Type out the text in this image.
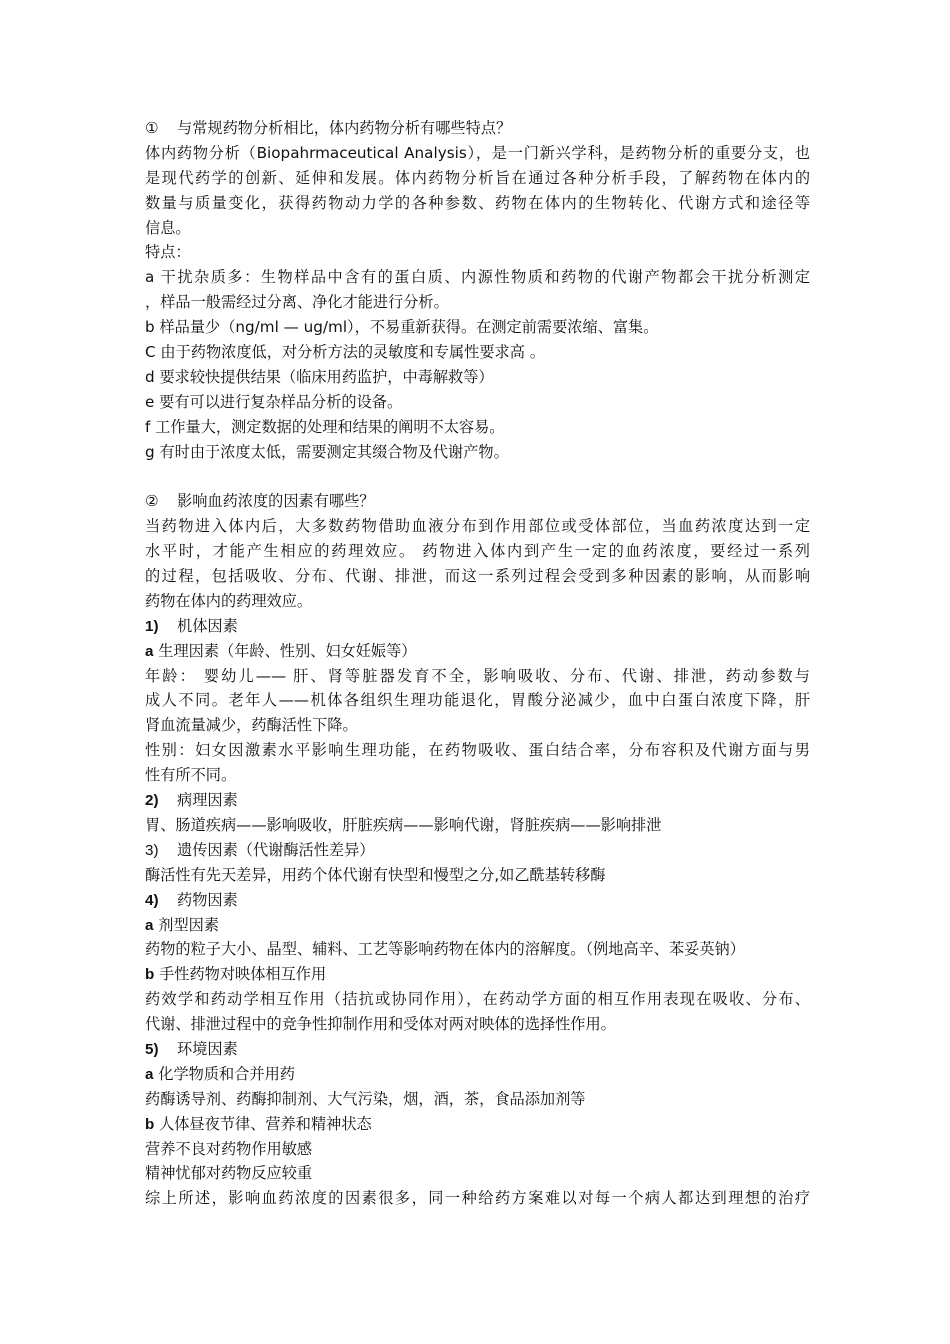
① 与常规药物分析相比，体内药物分析有哪些特点？
体内药物分析（Biopahrmaceutical Analysis），是一门新兴学科，是药物分析的重要分支，也
是现代药学的创新、延伸和发展。体内药物分析旨在通过各种分析手段，了解药物在体内的
数量与质量变化，获得药物动力学的各种参数、药物在体内的生物转化、代谢方式和途径等
信息。
特点：
a 干扰杂质多：生物样品中含有的蛋白质、内源性物质和药物的代谢产物都会干扰分析测定
，样品一般需经过分离、净化才能进行分析。
b 样品量少（ng/ml — ug/ml），不易重新获得。在测定前需要浓缩、富集。
C 由于药物浓度低，对分析方法的灵敏度和专属性要求高 。
d 要求较快提供结果（临床用药监护，中毒解救等）
e 要有可以进行复杂样品分析的设备。
f 工作量大，测定数据的处理和结果的阐明不太容易。
g 有时由于浓度太低，需要测定其缀合物及代谢产物。
② 影响血药浓度的因素有哪些？
当药物进入体内后，大多数药物借助血液分布到作用部位或受体部位，当血药浓度达到一定
水平时，才能产生相应的药理效应。 药物进入体内到产生一定的血药浓度，要经过一系列
的过程，包括吸收、分布、代谢、排泄，而这一系列过程会受到多种因素的影响，从而影响
药物在体内的药理效应。
1) 机体因素
a 生理因素（年龄、性别、妇女妊娠等）
年龄： 婴幼儿—— 肝、肾等脏器发育不全，影响吸收、分布、代谢、排泄，药动参数与
成人不同。老年人——机体各组织生理功能退化，胃酸分泌减少，血中白蛋白浓度下降，肝
肾血流量减少，药酶活性下降。
性别：妇女因激素水平影响生理功能，在药物吸收、蛋白结合率，分布容积及代谢方面与男
性有所不同。
2) 病理因素
胃、肠道疾病——影响吸收，肝脏疾病——影响代谢，肾脏疾病——影响排泄
3) 遗传因素（代谢酶活性差异）
酶活性有先天差异，用药个体代谢有快型和慢型之分,如乙酰基转移酶
4) 药物因素
a 剂型因素
药物的粒子大小、晶型、辅料、工艺等影响药物在体内的溶解度。（例地高辛、苯妥英钠）
b 手性药物对映体相互作用
药效学和药动学相互作用（拮抗或协同作用），在药动学方面的相互作用表现在吸收、分布、
代谢、排泄过程中的竞争性抑制作用和受体对两对映体的选择性作用。
5) 环境因素
a 化学物质和合并用药
药酶诱导剂、药酶抑制剂、大气污染，烟，酒，茶，食品添加剂等
b 人体昼夜节律、营养和精神状态
营养不良对药物作用敏感
精神忧郁对药物反应较重
综上所述，影响血药浓度的因素很多，同一种给药方案难以对每一个病人都达到理想的治疗
